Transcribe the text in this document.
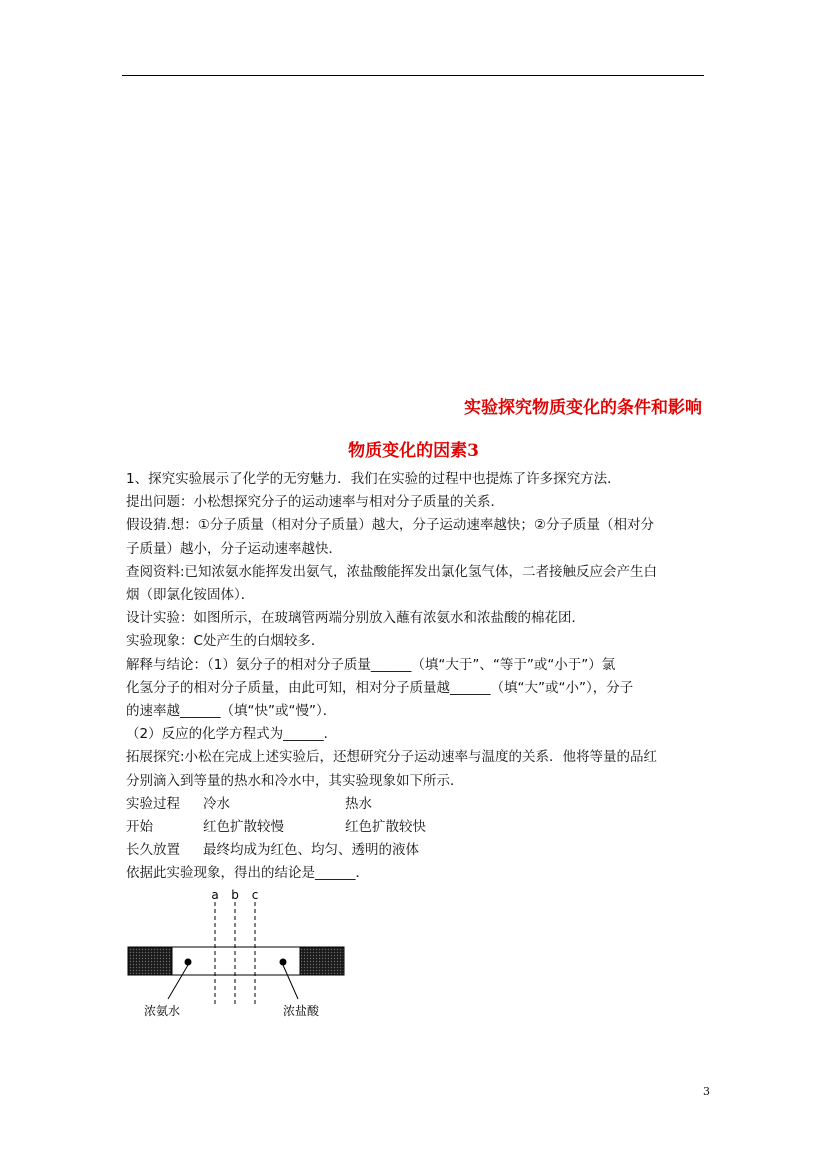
实验探究物质变化的条件和影响
物质变化的因素3

1、探究实验展示了化学的无穷魅力．我们在实验的过程中也提炼了许多探究方法．

提出问题：小松想探究分子的运动速率与相对分子质量的关系．

假设猜.想：①分子质量（相对分子质量）越大，分子运动速率越快；②分子质量（相对分

子质量）越小，分子运动速率越快．

查阅资料:已知浓氨水能挥发出氨气，浓盐酸能挥发出氯化氢气体，二者接触反应会产生白

烟（即氯化铵固体）．

设计实验：如图所示，在玻璃管两端分别放入蘸有浓氨水和浓盐酸的棉花团．

实验现象：C处产生的白烟较多．

解释与结论：（1）氨分子的相对分子质量______（填“大于”、“等于”或“小于”）氯

化氢分子的相对分子质量，由此可知，相对分子质量越______（填“大”或“小”），分子

的速率越______（填“快”或“慢”）．

（2）反应的化学方程式为______．

拓展探究:小松在完成上述实验后，还想研究分子运动速率与温度的关系．他将等量的品红

分别滴入到等量的热水和冷水中，其实验现象如下所示．

实验过程	冷水	热水
开始	红色扩散较慢	红色扩散较快
长久放置	最终均成为红色、均匀、透明的液体

依据此实验现象，得出的结论是______．

a b c
浓氨水	浓盐酸
3
